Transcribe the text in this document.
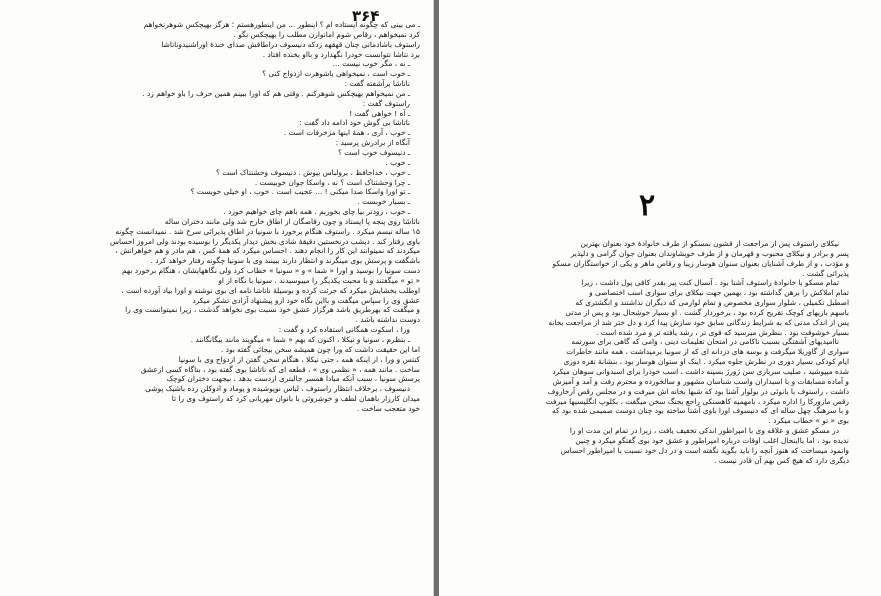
۳۶۴
ـ می بینی که چگونه ایستاده ام ؟ اینطور ... من اینطورهستم ؛ هرگز بهیچکس شوهرنخواهم
کرد نمیخواهم ، رقاص شوم امانوازن مطلب را بهیچکس نگو .
راستوف باشادمانی چنان قهقهه زدکه دنیسوف دراطاقش صدای خندهٔ اوراشنیدوناتاشا
برد نتاشا نتوانست خودرا نگهدارد و بااو بخنده افتاد .
ـ نه ، مگر خوب نیست ...
ـ خوب است ، نمیخواهی باشوهرت ازدواج کنی ؟
ناتاشا برآشفته گفت :
ـ من نمیخواهم بهیچکس شوهرکنم . وقتی هم که اورا ببینم همین حرف را باو خواهم زد .
راستوف گفت :
ـ آه ! خواهی گفت !
ناتاشا بی گوش خود ادامه داد گفت :
ـ خوب ، آری ، همهٔ اینها مزخرفات است .
آنگاه از برادرش پرسید :
ـ دنیسوف خوب است ؟
ـ خوب .
ـ خوب ، خداحافظ ، برولباس بپوش . دنیسوف وحشتناک است ؟
ـ چرا وحشتناک است ؟ نه ، واسکا جوان خوبیست .
ـ تو اورا واسکا صدا میکنی ! ... عجیب است . خوب ، او خیلی خوبست ؟
ـ بسیار خوبست .
ـ خوب ، زودتر بیا چای بخوریم . همه باهم چای خواهیم خورد .
ناتاشا روی پنجه پا ایستاد و چون رقاصگان از اطاق خارج شد ولی مانند دختران ساله
۱۵ ساله تبسم میکرد . راستوف هنگام برخورد با سونیا در اطاق پذیرائی سرخ شد . نمیدانست چگونه
باوی رفتار کند . دیشب درنخستین دقیقهٔ شادی بخش دیدار یکدیگر را بوسیده بودند ولی امروز احساس
میکردند که نمیتوانند این کار را انجام دهند . احساس میکرد که همهٔ کس ، هم مادر و هم خواهرانش ،
باشگفت و پرسش بوی مینگرند و انتظار دارند ببینند وی با سونیا چگونه رفتار خواهد کرد .
دست سونیا را بوسید و اورا « شما » و « سونیا » خطاب کرد ولی نگاههایشان ، هنگام برخورد بهم
« تو » میگفتند و با محبت یکدیگر را میبوسیدند . سونیا با نگاه از او
اوطلب بخشایش میکرد که جرئت کرده و بوسیلهٔ ناتاشا نامه ای بوی نوشته و اورا بیاد آورده است ،
عشق وی را سپاس میگفت و بااین نگاه خود ازو پیشنهاد آزادی تشکر میکرد
و میگفت که بهرطریق باشد هرگزاز عشق خود نسبت بوی نخواهد گذشت ، زیرا نمیتوانست وی را
دوست نداشته باشد .
ورا ، اسکوت همگانی استفاده کرد و گفت :
ـ بنظرم ، سونیا و نیکلا ، اکنون که بهم « شما » میگویند مانند بیگانگانند .
اما این حقیقت داشت که ورا چون همیشه سخن بیجائی گفته بود .
کنتس و ورا ، از اینکه همه ، حتی نیکلا ، هنگام سخن گفتن از ازدواج وی با سونیا
ساخت . مانند همه ، « نظمی وی » ، قطعه ای که ناتاشا بوی گفته بود ، بناگاه کسی ازعشق
پرسش سونیا ، سبب آنکه مبادا همسر جالبتری ازدست بدهد ، بیجهت دختران کوچک
دنیسوف ، برخلاف انتظار راستوف ، لباس نوپوشیده و پوماد و ادوکلن زده باشیک پوشی
میدان کارزار باهمان لطف و خوشروئی با بانوان مهربانی کرد که راستوف وی را تا
خود متعجب ساخت .
۲
نیکلای راستوف پس از مراجعت از قشون بمسکو از طرف خانوادهٔ خود بعنوان بهترین
پسر و برادر و نیکلای محبوب و قهرمان و از طرف خویشاوندان بعنوان جوان گرامی و دلپذیر
و مؤدب ، و از طرف آشنایان بعنوان ستوان هوسار زیبا و رقاص ماهر و یکی از خواستگاران مسکو
پذیرائی گشت .
تمام مسکو با خانوادهٔ راستوف آشنا بود . آنسال کنت پیر بقدر کافی پول داشت ، زیرا
تمام املاکش را برهن گذاشته بود ، بهمین جهت نیکلای برای سواری اسب اختصاصی و
اصطبل تکمیلی ، شلوار سواری مخصوص و تمام لوازمی که دیگران نداشتند و انگشتری که
باسهم بازیهای کوچک تفریح کرده بود ، برخوردار گشت . او بسیار خوشحال بود و پس از مدتی
پس از اندک مدتی که به شرایط زندگانی سابق خود سازش پیدا کرد و دل ختر شد از مراجعت بخانه
بسیار خوشوقت بود . بنظرش میرسید که قوی تر ، رشد یافته تر و مرد شده است .
ناامیدیهای آشفتگی بسبب ناکامی در امتحان تعلیمات دینی ، وامی که گاهی برای سورتمه
سواری از گاوریلا میگرفت و بوسه های دزدانه ای که از سونیا برمیداشت ، همه مانند خاطرات
ایام کودکی بسیار دوری در نظرش جلوه میکرد . اینک او ستوان هوسار بود ، بنشانهٔ نقره دوزی
شده میپوشید ، صلیب سربازی سن ژورژ بسینه داشت ، اسب خودرا برای اسبدوانی سوهان میکرد
و آماده مسابقات و با اسبداران واسب شناسان مشهور و سالخورده و محترم رفت و آمد و آمیزش
داشت ، راستوف با بانوئی در بولوار آشنا بود که شبها بخانه اش میرفت و در مجلس رقص آرخاروف
رقص مازورکا را اداره میکرد ، بامهمیه کاهسنکی راجع بجنگ سخن میگفت ، بکلوپ انگلیسیها میرفت
و با سرهنگ چهل ساله ای که دنیسوف اورا باوی آشنا ساخته بود چنان دوست صمیمی شده بود که
بوی « تو » خطاب میکرد .
در مسکو عشق و علاقه وی با امپراطور اندکی تخفیف یافت ، زیرا در تمام این مدت او را
ندیده بود ، اما بااینحال اغلب اوقات درباره امپراطور و عشق خود بوی گفتگو میکرد و چنین
وانمود میساخت که هنوز آنچه را باید بگوید نگفته است و در دل خود نسبت با امپراطور احساس
دیگری دارد که هیچ کس بهم آن قادر نیست .
